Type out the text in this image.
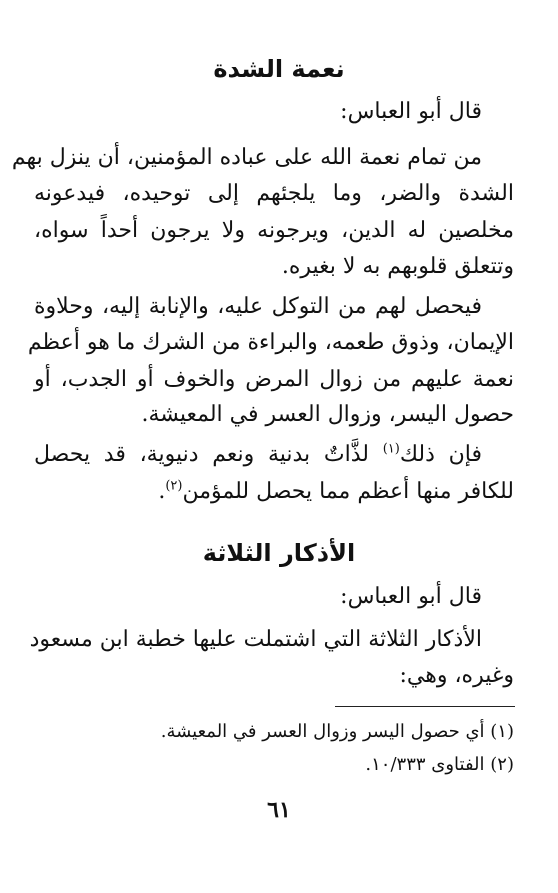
نعمة الشدة
قال أبو العباس:
من تمام نعمة الله على عباده المؤمنين، أن ينزل بهم
الشدة والضر، وما يلجئهم إلى توحيده، فيدعونه
مخلصين له الدين، ويرجونه ولا يرجون أحداً سواه،
وتتعلق قلوبهم به لا بغيره.
فيحصل لهم من التوكل عليه، والإنابة إليه، وحلاوة
الإيمان، وذوق طعمه، والبراءة من الشرك ما هو أعظم
نعمة عليهم من زوال المرض والخوف أو الجدب، أو
حصول اليسر، وزوال العسر في المعيشة.
فإن ذلك$^{(١)}$ لذَّاتٌ بدنية ونعم دنيوية، قد يحصل
للكافر منها أعظم مما يحصل للمؤمن$^{(٢)}$.
الأذكار الثلاثة
قال أبو العباس:
الأذكار الثلاثة التي اشتملت عليها خطبة ابن مسعود
وغيره، وهي:
(١) أي حصول اليسر وزوال العسر في المعيشة.
(٢) الفتاوى ١٠/٣٣٣.
٦١
